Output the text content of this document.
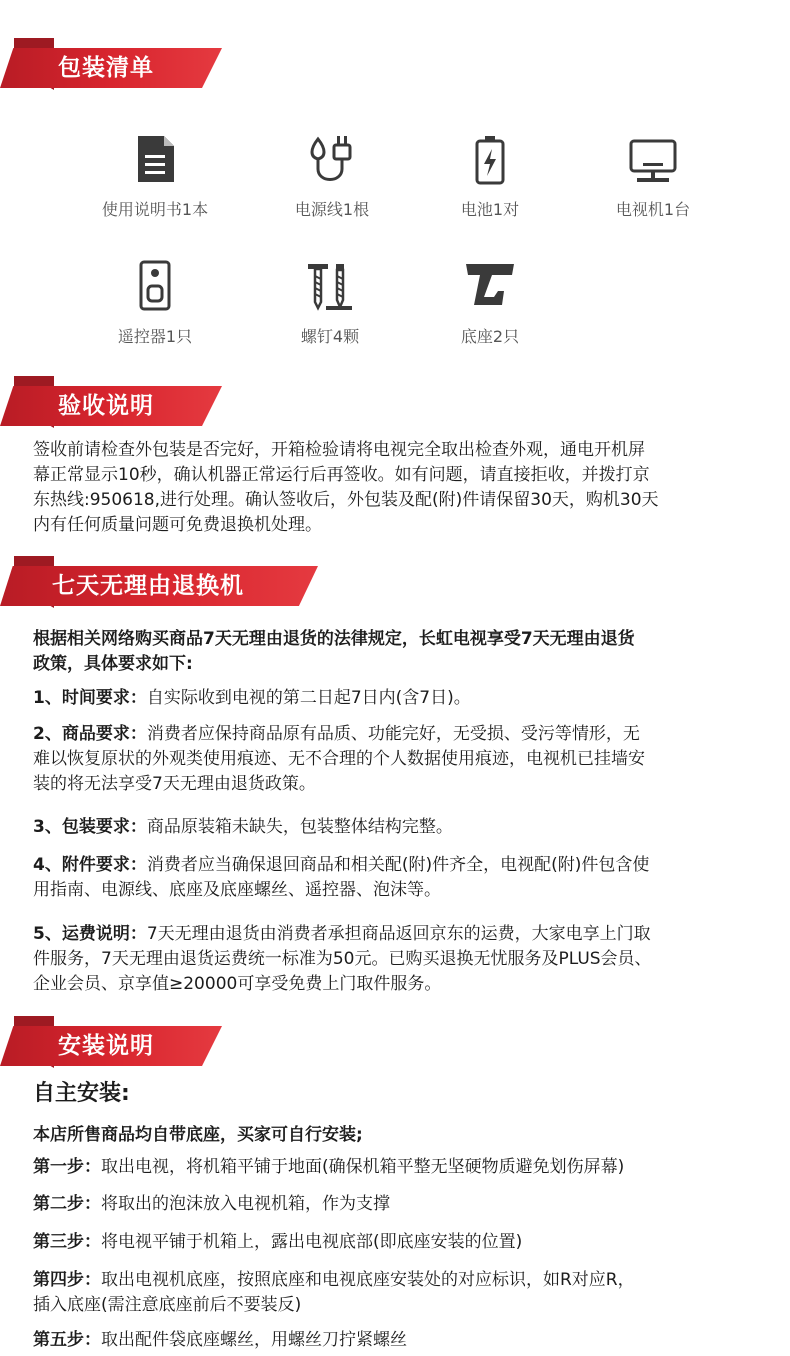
包装清单
使用说明书1本	电源线1根	电池1对	电视机1台
遥控器1只	螺钉4颗	底座2只
验收说明
签收前请检查外包装是否完好，开箱检验请将电视完全取出检查外观，通电开机屏
幕正常显示10秒，确认机器正常运行后再签收。如有问题，请直接拒收，并拨打京
东热线:950618,进行处理。确认签收后，外包装及配(附)件请保留30天，购机30天
内有任何质量问题可免费退换机处理。
七天无理由退换机
根据相关网络购买商品7天无理由退货的法律规定，长虹电视享受7天无理由退货
政策，具体要求如下:
1、时间要求：自实际收到电视的第二日起7日内(含7日)。
2、商品要求：消费者应保持商品原有品质、功能完好，无受损、受污等情形，无
难以恢复原状的外观类使用痕迹、无不合理的个人数据使用痕迹，电视机已挂墙安
装的将无法享受7天无理由退货政策。
3、包装要求：商品原装箱未缺失，包装整体结构完整。
4、附件要求：消费者应当确保退回商品和相关配(附)件齐全，电视配(附)件包含使
用指南、电源线、底座及底座螺丝、遥控器、泡沫等。
5、运费说明：7天无理由退货由消费者承担商品返回京东的运费，大家电享上门取
件服务，7天无理由退货运费统一标准为50元。已购买退换无忧服务及PLUS会员、
企业会员、京享值≥20000可享受免费上门取件服务。
安装说明
自主安装:
本店所售商品均自带底座，买家可自行安装;
第一步：取出电视，将机箱平铺于地面(确保机箱平整无坚硬物质避免划伤屏幕)
第二步：将取出的泡沫放入电视机箱，作为支撑
第三步：将电视平铺于机箱上，露出电视底部(即底座安装的位置)
第四步：取出电视机底座，按照底座和电视底座安装处的对应标识，如R对应R，
插入底座(需注意底座前后不要装反)
第五步：取出配件袋底座螺丝，用螺丝刀拧紧螺丝
